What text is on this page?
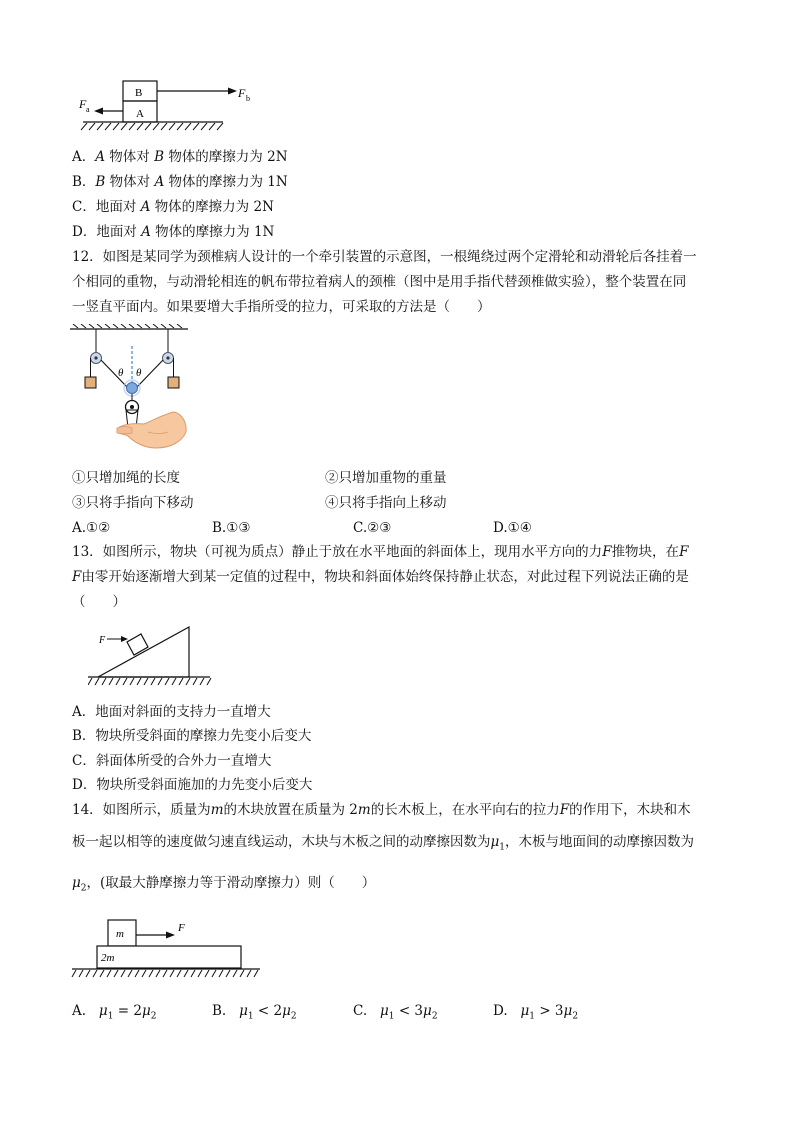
B
A
F b
F a
A．A 物体对 B 物体的摩擦力为 2N
B．B 物体对 A 物体的摩擦力为 1N
C．地面对 A 物体的摩擦力为 2N
D．地面对 A 物体的摩擦力为 1N
12．如图是某同学为颈椎病人设计的一个牵引装置的示意图，一根绳绕过两个定滑轮和动滑轮后各挂着一
个相同的重物，与动滑轮相连的帆布带拉着病人的颈椎（图中是用手指代替颈椎做实验），整个装置在同
一竖直平面内。如果要增大手指所受的拉力，可采取的方法是（　　）
θ θ
①只增加绳的长度	②只增加重物的重量
③只将手指向下移动	④只将手指向上移动
A.①②	B.①③	C.②③	D.①④
13．如图所示，物块（可视为质点）静止于放在水平地面的斜面体上，现用水平方向的力F推物块，在F
F由零开始逐渐增大到某一定值的过程中，物块和斜面体始终保持静止状态，对此过程下列说法正确的是
（　　）
F
A．地面对斜面的支持力一直增大
B．物块所受斜面的摩擦力先变小后变大
C．斜面体所受的合外力一直增大
D．物块所受斜面施加的力先变小后变大
14．如图所示，质量为m的木块放置在质量为 2m的长木板上，在水平向右的拉力F的作用下，木块和木
板一起以相等的速度做匀速直线运动，木块与木板之间的动摩擦因数为$\mu_1$，木板与地面间的动摩擦因数为
$\mu_2$，(取最大静摩擦力等于滑动摩擦力）则（　　）
m	F
2m
A. $\mu_1 = 2\mu_2$	B. $\mu_1 < 2\mu_2$	C. $\mu_1 < 3\mu_2$	D. $\mu_1 > 3\mu_2$
